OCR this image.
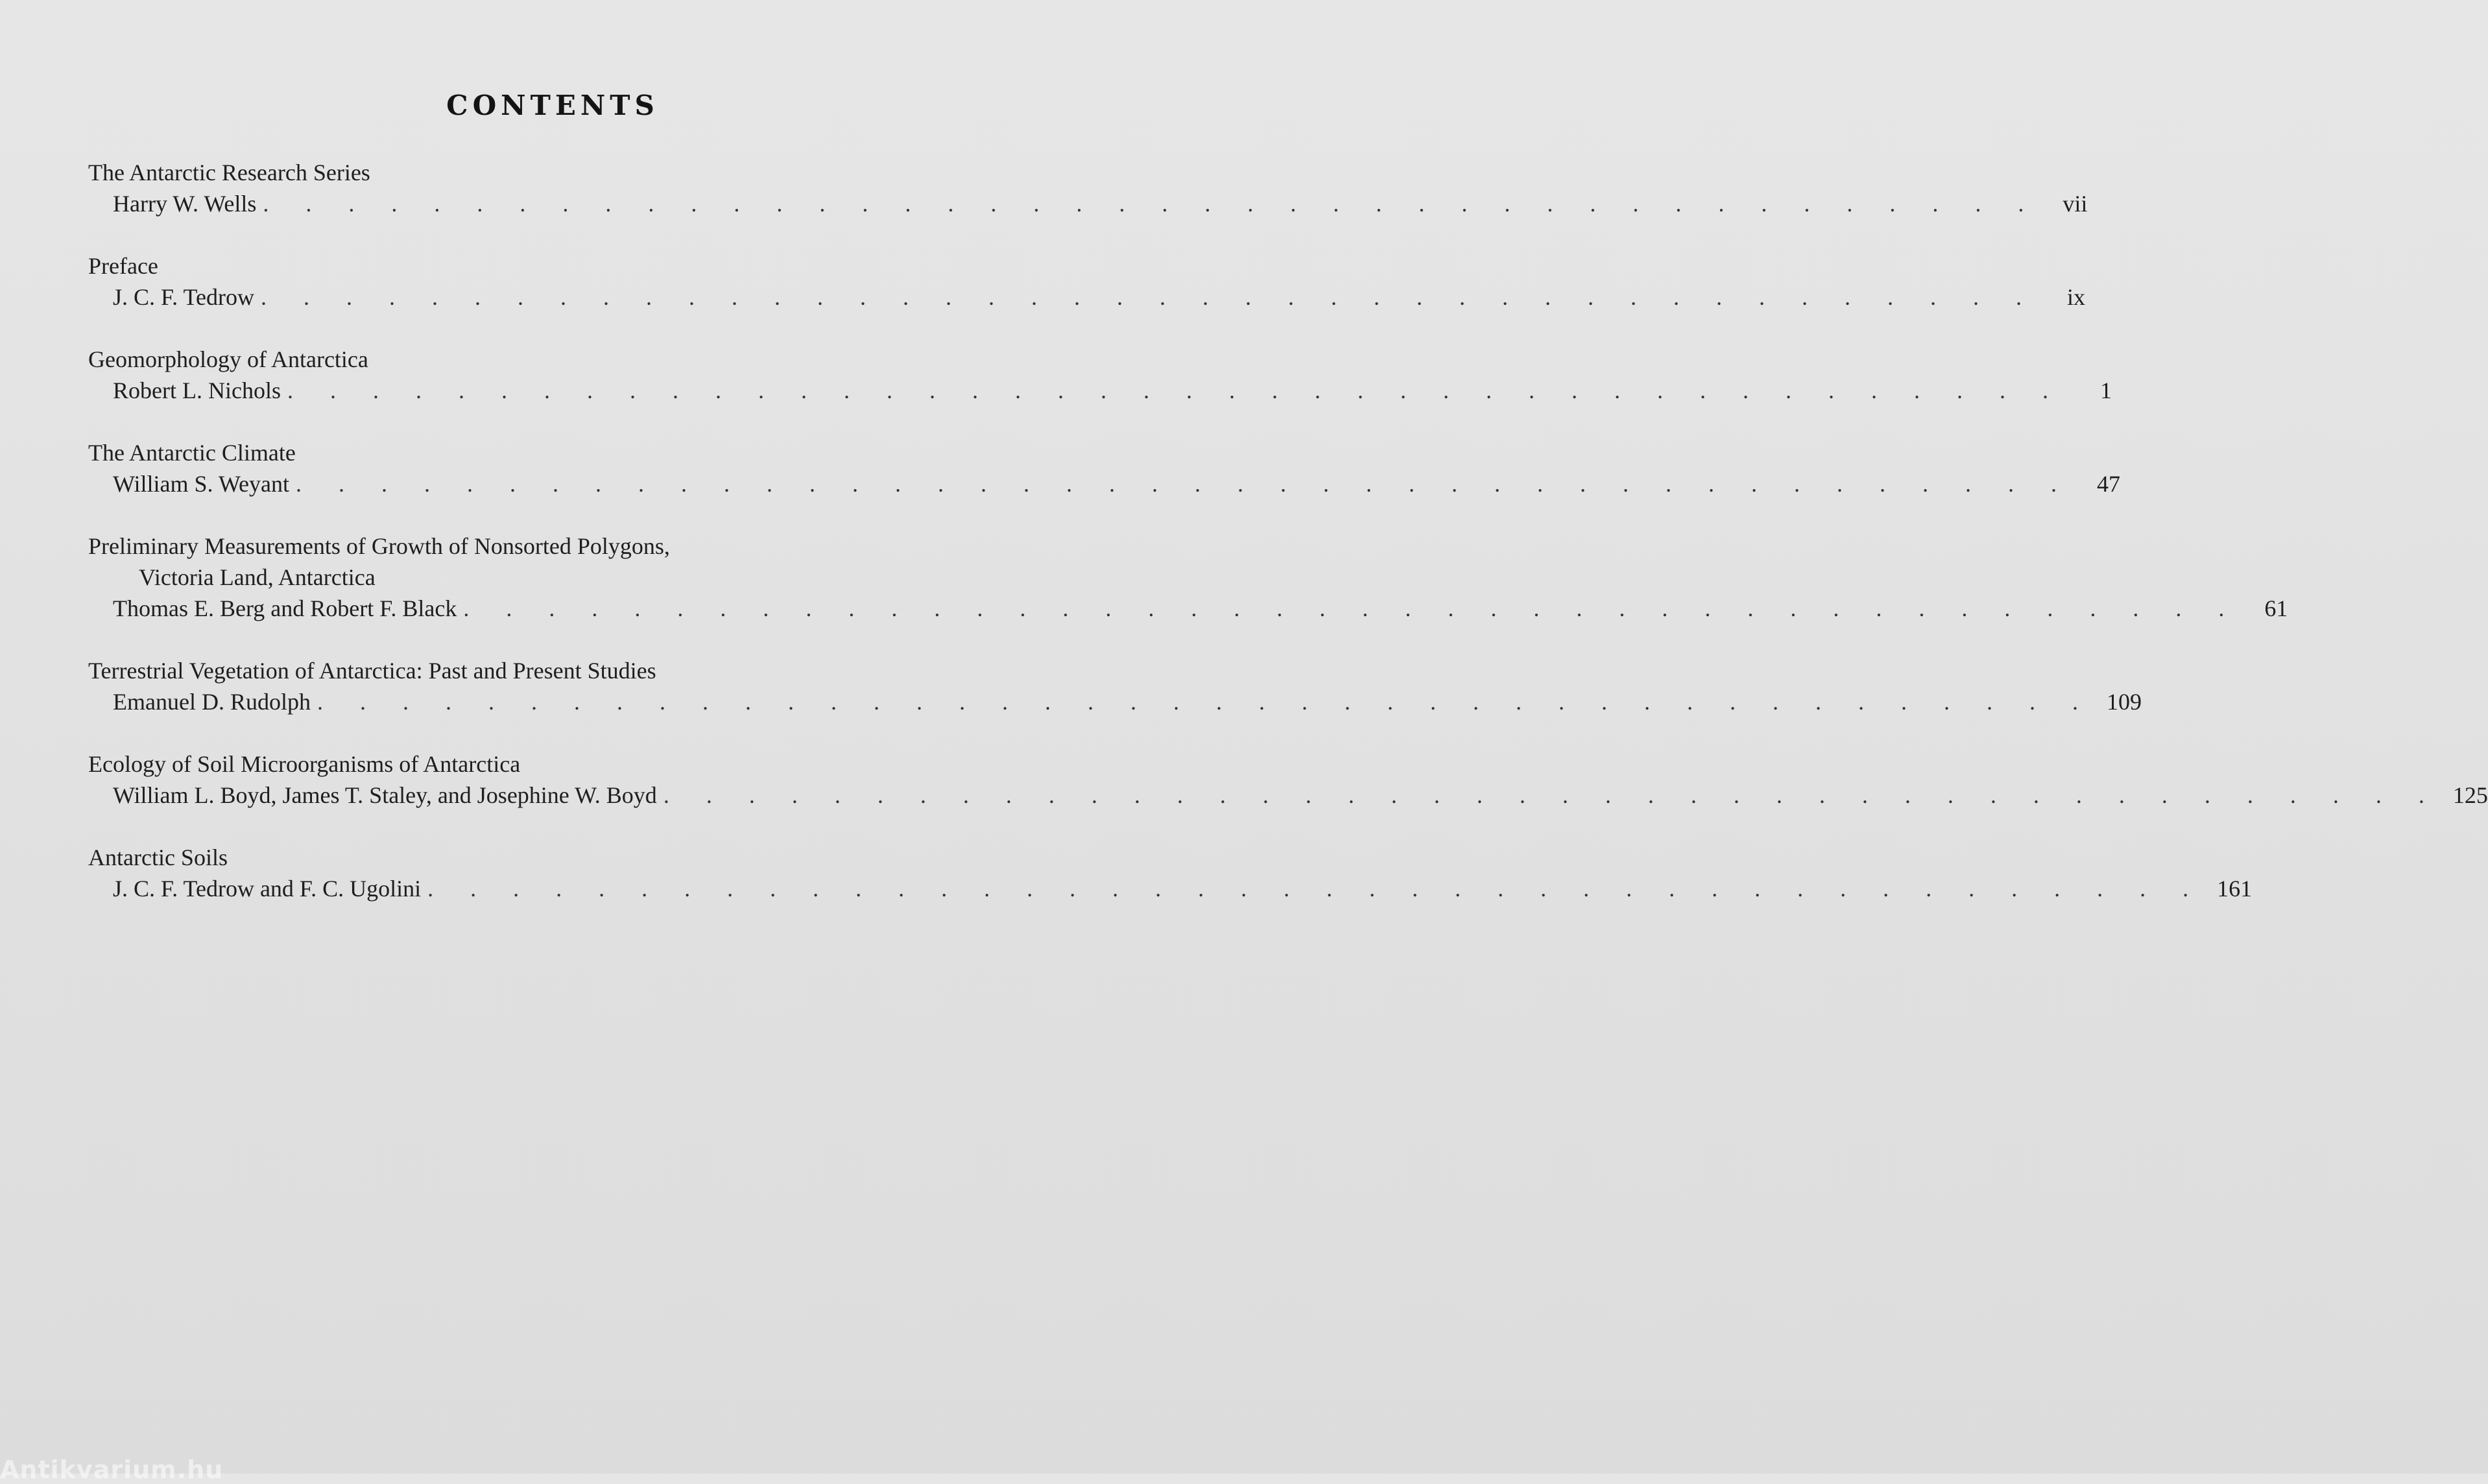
CONTENTS
The Antarctic Research Series
Harry W. Wells . . . . . . . . . . . . . . . . . . . . . . . . . . . . . . . . . . . . . . . . . . vii
Preface
J. C. F. Tedrow . . . . . . . . . . . . . . . . . . . . . . . . . . . . . . . . . . . . . . . . . .	ix
Geomorphology of Antarctica
Robert L. Nichols . . . . . . . . . . . . . . . . . . . . . . . . . . . . . . . . . . . . . . . . . .	1
The Antarctic Climate
William S. Weyant . . . . . . . . . . . . . . . . . . . . . . . . . . . . . . . . . . . . . . . . . .	47
Preliminary Measurements of Growth of Nonsorted Polygons,
Victoria Land, Antarctica
Thomas E. Berg and Robert F. Black . . . . . . . . . . . . . . . . . . . . . . . . . . . . . . . . . . . . . . . . . .	61
Terrestrial Vegetation of Antarctica: Past and Present Studies
Emanuel D. Rudolph . . . . . . . . . . . . . . . . . . . . . . . . . . . . . . . . . . . . . . . . . . 109
Ecology of Soil Microorganisms of Antarctica
William L. Boyd, James T. Staley, and Josephine W. Boyd . . . . . . . . . . . . . . . . . . . . . . . . . . . . . . . . . . . . . . . . . . 125
Antarctic Soils
J. C. F. Tedrow and F. C. Ugolini . . . . . . . . . . . . . . . . . . . . . . . . . . . . . . . . . . . . . . . . . . 161
Antikvarium.hu
